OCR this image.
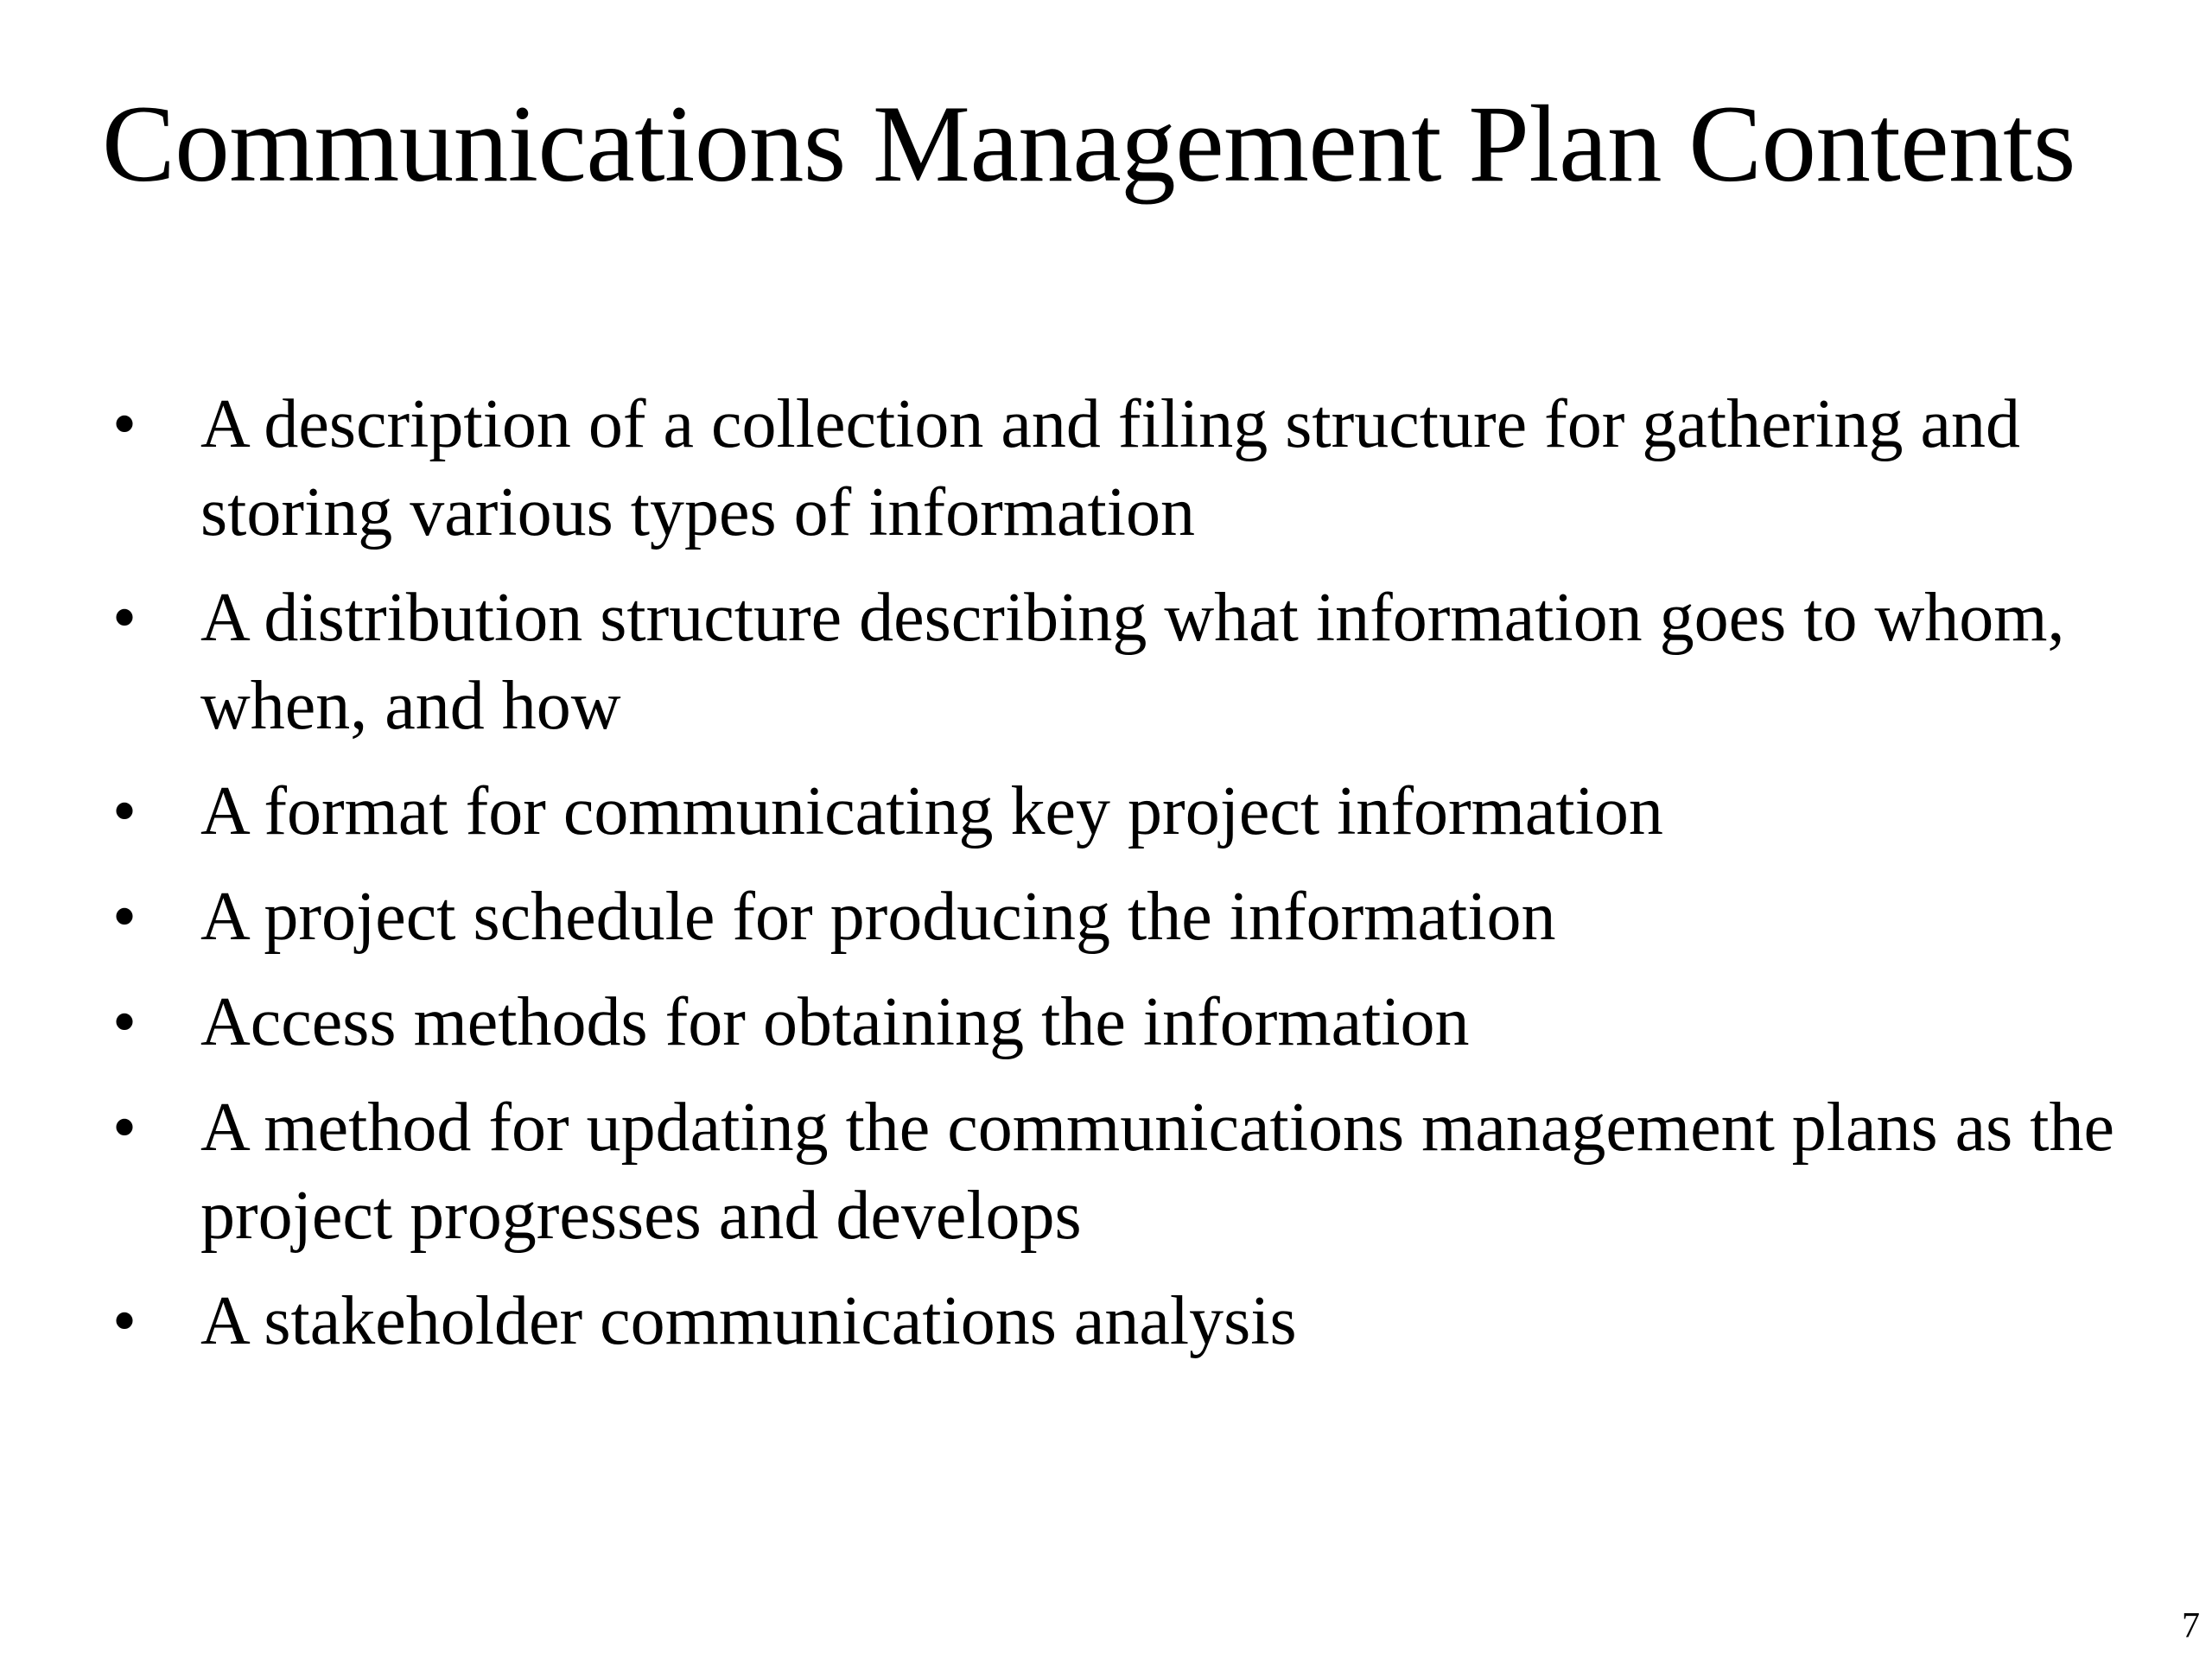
Communications Management Plan Contents
• A description of a collection and filing structure for gathering and storing various types of information
• A distribution structure describing what information goes to whom, when, and how
• A format for communicating key project information
• A project schedule for producing the information
• Access methods for obtaining the information
• A method for updating the communications management plans as the project progresses and develops
• A stakeholder communications analysis
7
